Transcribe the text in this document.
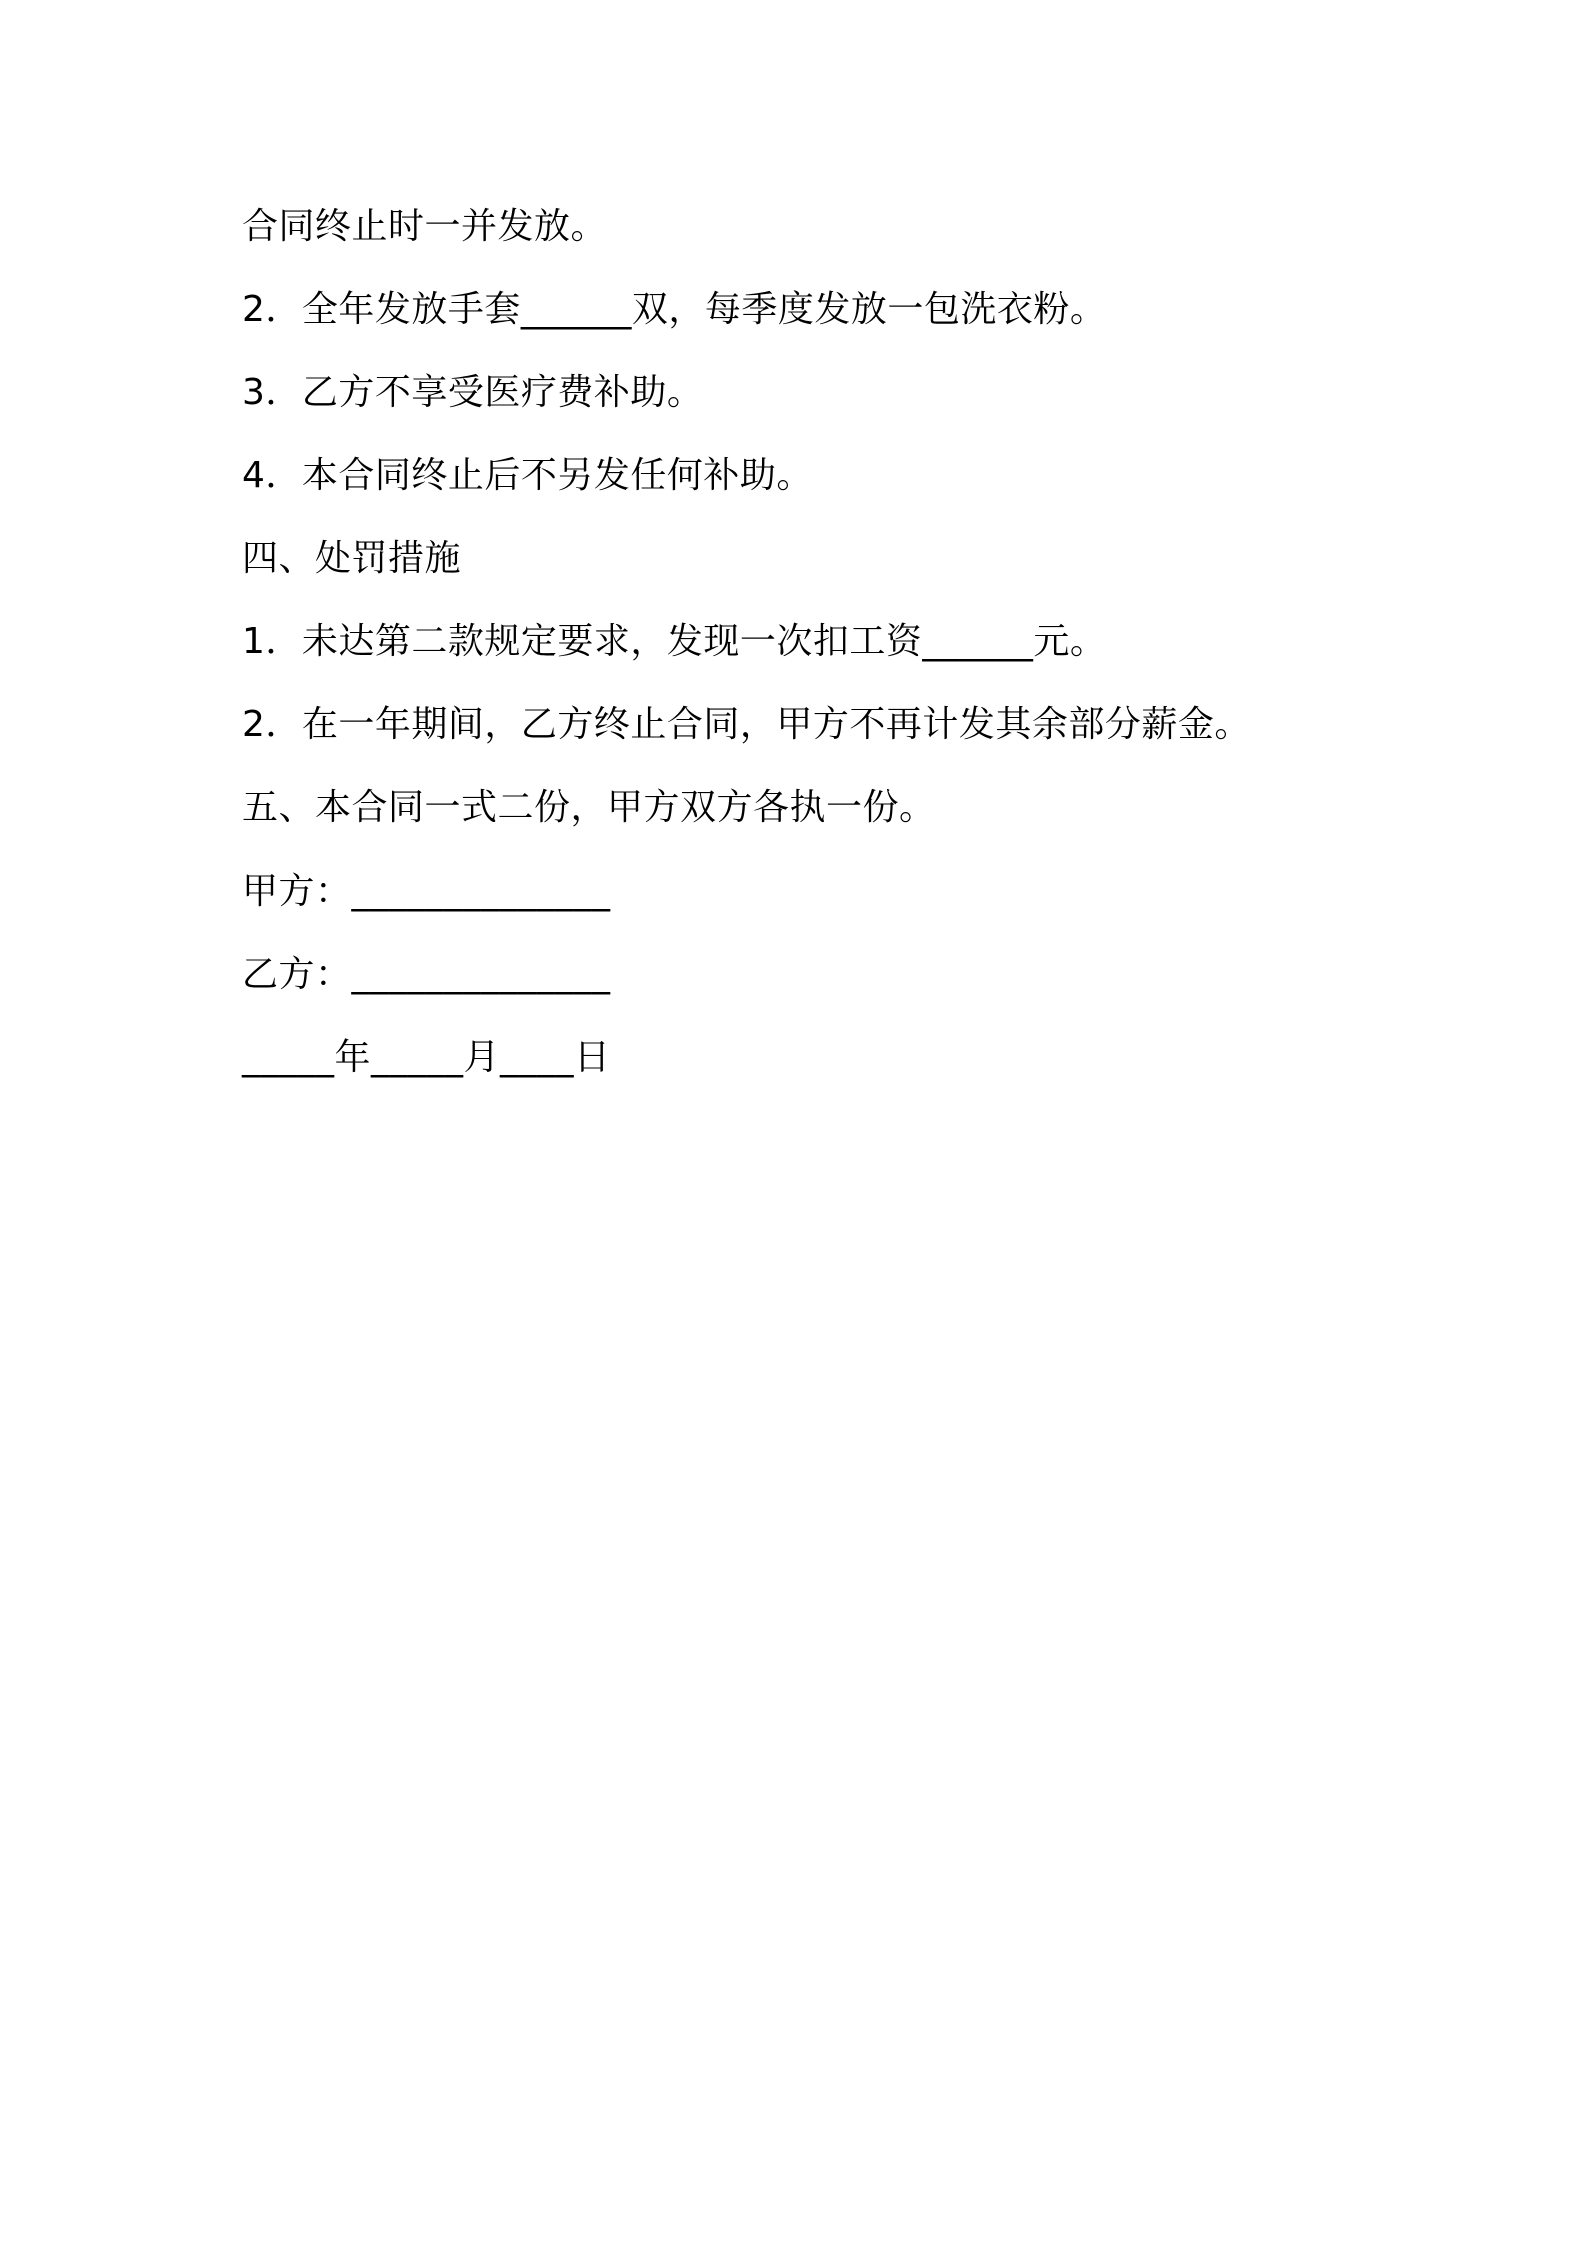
合同终止时一并发放。

2．全年发放手套______双，每季度发放一包洗衣粉。

3．乙方不享受医疗费补助。

4．本合同终止后不另发任何补助。

四、处罚措施

1．未达第二款规定要求，发现一次扣工资______元。

2．在一年期间，乙方终止合同，甲方不再计发其余部分薪金。

五、本合同一式二份，甲方双方各执一份。

甲方：______________

乙方：______________

_____年_____月____日
